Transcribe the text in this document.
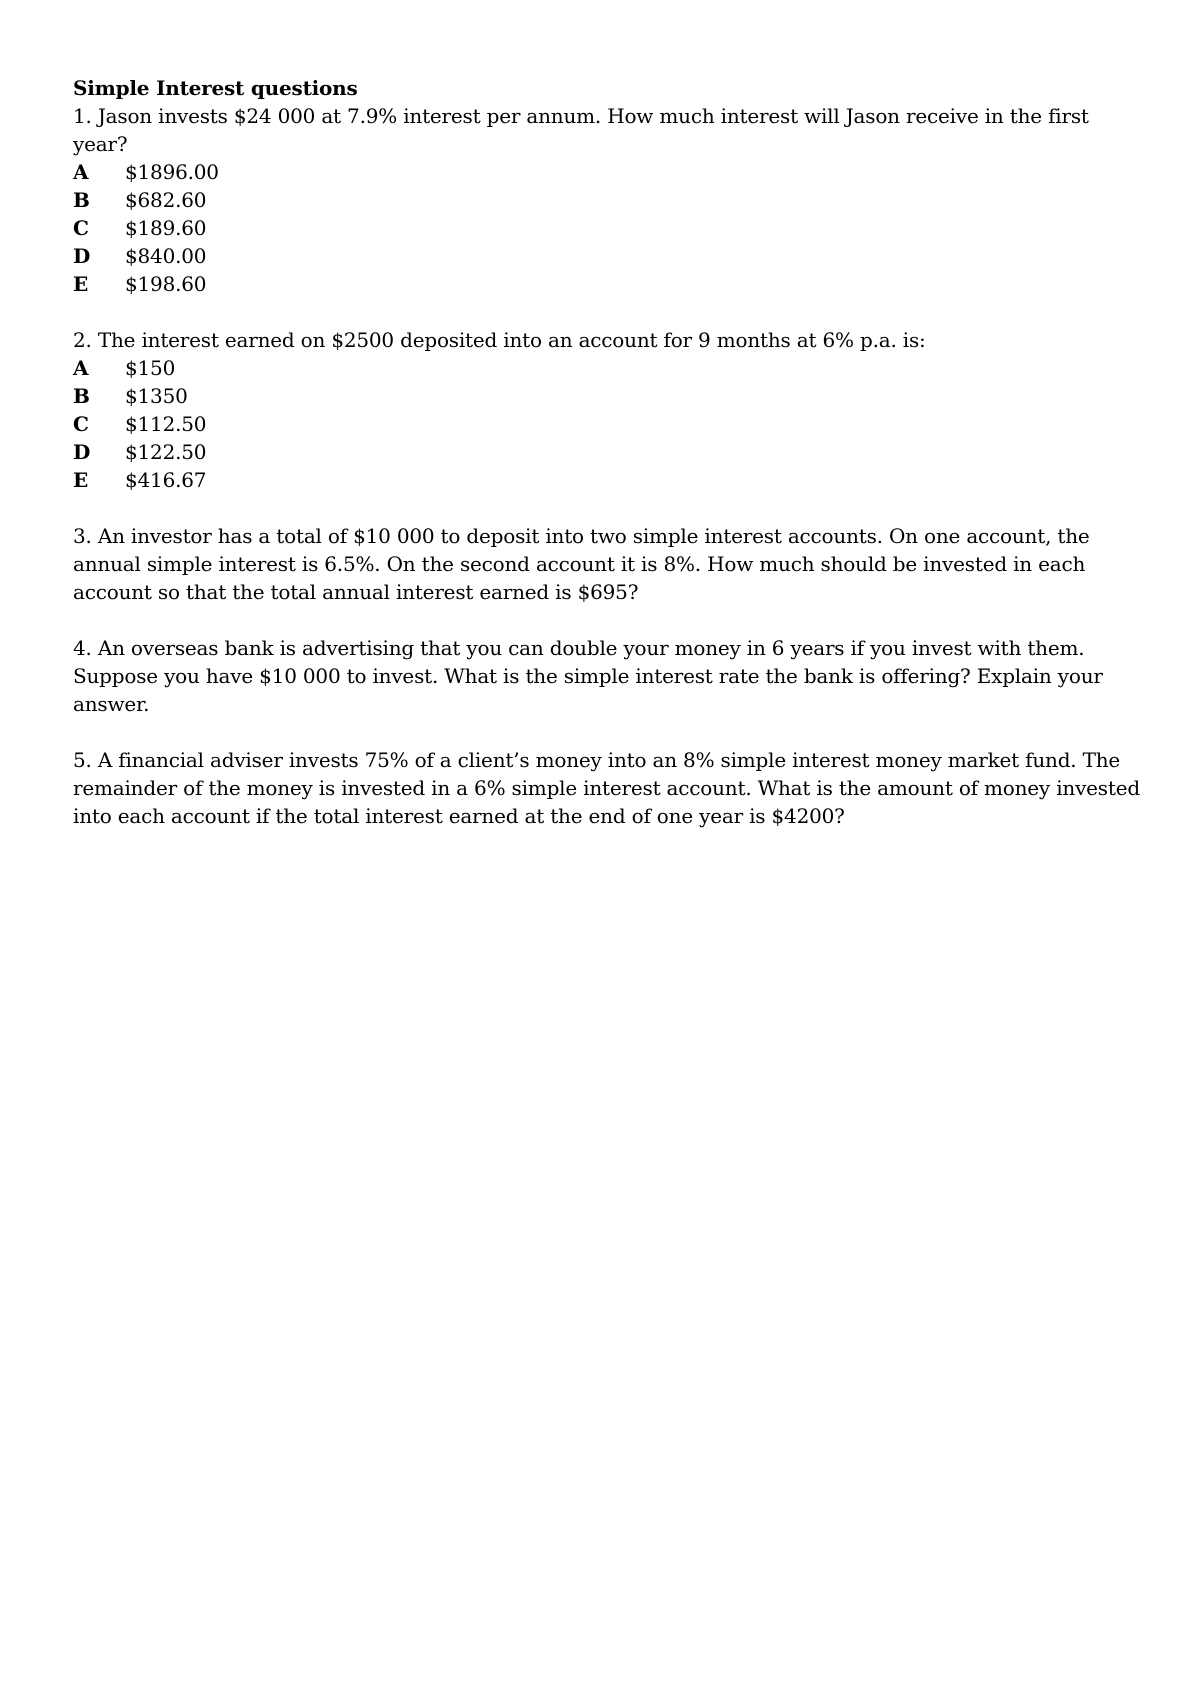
Simple Interest questions

1. Jason invests $24 000 at 7.9% interest per annum. How much interest will Jason receive in the first year?

A	$1896.00
B	$682.60
C	$189.60
D	$840.00
E	$198.60

2. The interest earned on $2500 deposited into an account for 9 months at 6% p.a. is:

A	$150
B	$1350
C	$112.50
D	$122.50
E	$416.67

3. An investor has a total of $10 000 to deposit into two simple interest accounts. On one account, the annual simple interest is 6.5%. On the second account it is 8%. How much should be invested in each account so that the total annual interest earned is $695?

4. An overseas bank is advertising that you can double your money in 6 years if you invest with them. Suppose you have $10 000 to invest. What is the simple interest rate the bank is offering? Explain your answer.

5. A financial adviser invests 75% of a client’s money into an 8% simple interest money market fund. The remainder of the money is invested in a 6% simple interest account. What is the amount of money invested into each account if the total interest earned at the end of one year is $4200?
